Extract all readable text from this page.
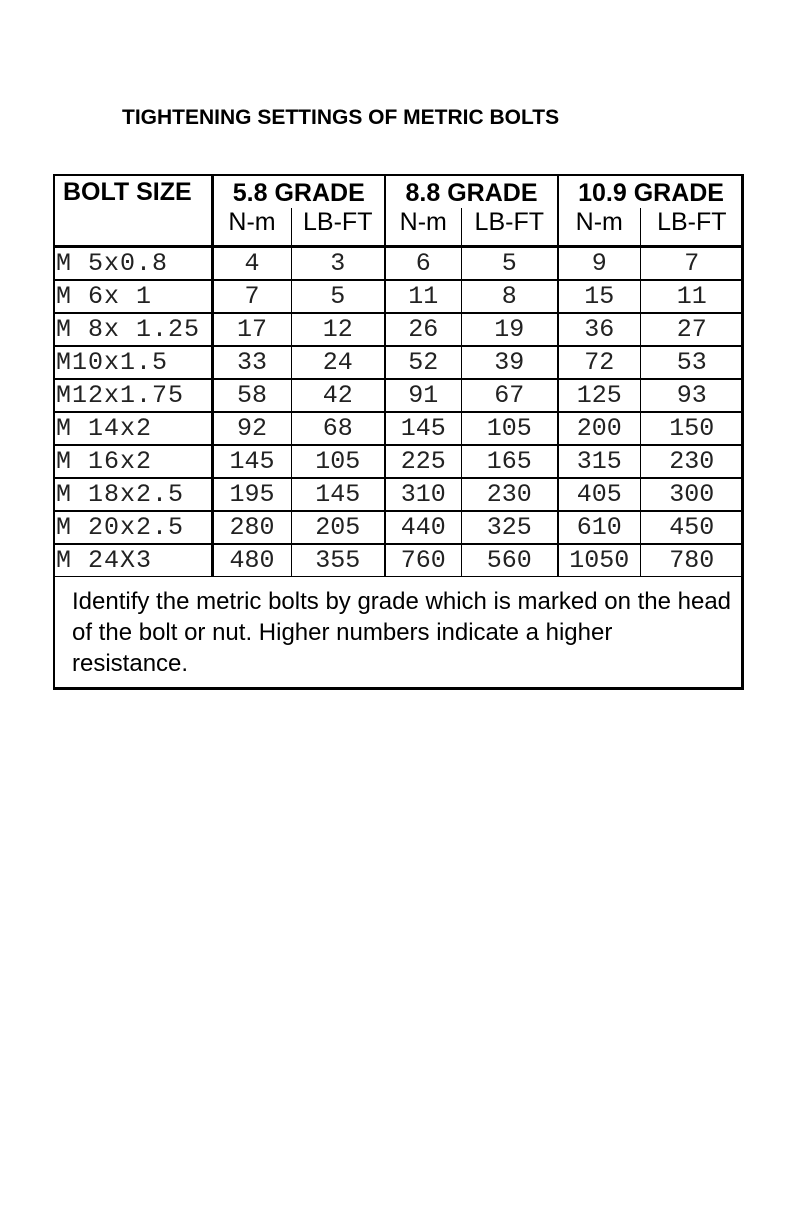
TIGHTENING SETTINGS OF METRIC BOLTS
BOLT SIZE	5.8 GRADE		8.8 GRADE		10.9 GRADE	
	N-m	LB-FT	N-m	LB-FT	N-m	LB-FT
M 5x0.8	4	3	6	5	9	7
M 6x 1	7	5	11	8	15	11
M 8x 1.25	17	12	26	19	36	27
M10x1.5	33	24	52	39	72	53
M12x1.75	58	42	91	67	125	93
M 14x2	92	68	145	105	200	150
M 16x2	145	105	225	165	315	230
M 18x2.5	195	145	310	230	405	300
M 20x2.5	280	205	440	325	610	450
M 24X3	480	355	760	560	1050	780
Identify the metric bolts by grade which is marked on the head of the bolt or nut. Higher numbers indicate a higher resistance.
